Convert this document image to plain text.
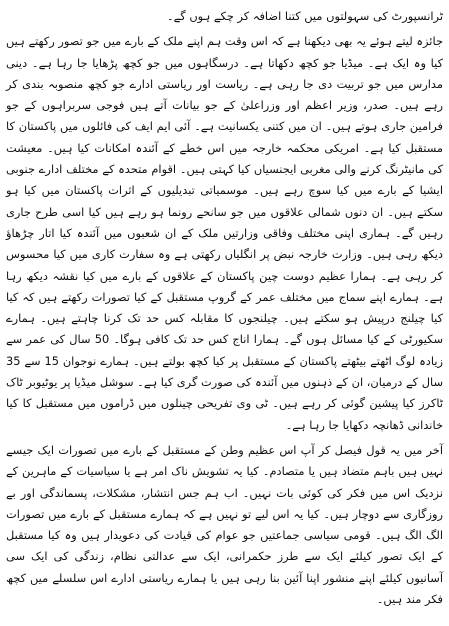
ٹرانسپورٹ کی سہولتوں میں کتنا اضافہ کر چکے ہوں گے۔

جائزہ لیتے ہوئے یہ بھی دیکھنا ہے کہ اس وقت ہم اپنے ملک کے بارے میں جو تصور رکھتے ہیں کیا وہ ایک ہے۔ میڈیا جو کچھ دکھاتا ہے۔ درسگاہوں میں جو کچھ پڑھایا جا رہا ہے۔ دینی مدارس میں جو تربیت دی جا رہی ہے۔ ریاست اور ریاستی ادارے جو کچھ منصوبہ بندی کر رہے ہیں۔ صدر، وزیر اعظم اور وزراعلیٰ کے جو بیانات آتے ہیں فوجی سربراہوں کے جو فرامین جاری ہوتے ہیں۔ ان میں کتنی یکسانیت ہے۔ آئی ایم ایف کی فائلوں میں پاکستان کا مستقبل کیا ہے۔ امریکی محکمہ خارجہ میں اس خطے کے آئندہ امکانات کیا ہیں۔ معیشت کی مانیٹرنگ کرنے والی مغربی ایجنسیاں کیا کہتی ہیں۔ اقوام متحدہ کے مختلف ادارے جنوبی ایشیا کے بارے میں کیا سوچ رہے ہیں۔ موسمیاتی تبدیلیوں کے اثرات پاکستان میں کیا ہو سکتے ہیں۔ ان دنوں شمالی علاقوں میں جو سانحے رونما ہو رہے ہیں کیا اسی طرح جاری رہیں گے۔ ہماری اپنی مختلف وفاقی وزارتیں ملک کے ان شعبوں میں آئندہ کیا اتار چڑھاؤ دیکھ رہی ہیں۔ وزارت خارجہ نبض پر انگلیاں رکھتی ہے وہ سفارت کاری میں کیا محسوس کر رہی ہے۔ ہمارا عظیم دوست چین پاکستان کے علاقوں کے بارے میں کیا نقشہ دیکھ رہا ہے۔ ہمارے اپنے سماج میں مختلف عمر کے گروپ مستقبل کے کیا تصورات رکھتے ہیں کہ کیا کیا چیلنج درپیش ہو سکتے ہیں۔ چیلنجوں کا مقابلہ کس حد تک کرنا چاہتے ہیں۔ ہمارے سکیورٹی کے کیا مسائل ہوں گے۔ ہمارا اناج کس حد تک کافی ہوگا۔ 50 سال کی عمر سے زیادہ لوگ اٹھتے بیٹھتے پاکستان کے مستقبل پر کیا کچھ بولتے ہیں۔ ہمارے نوجوان 15 سے 35 سال کے درمیان، ان کے ذہنوں میں آئندہ کی صورت گری کیا ہے۔ سوشل میڈیا پر یوٹیوبر ٹاک ٹاکرز کیا پیشین گوئی کر رہے ہیں۔ ٹی وی تفریحی چینلوں میں ڈراموں میں مستقبل کا کیا خاندانی ڈھانچہ دکھایا جا رہا ہے۔

آخر میں یہ قول فیصل کر آپ اس عظیم وطن کے مستقبل کے بارے میں تصورات ایک جیسے نہیں ہیں باہم متضاد ہیں یا متصادم۔ کیا یہ تشویش ناک امر ہے یا سیاسیات کے ماہرین کے نزدیک اس میں فکر کی کوئی بات نہیں۔ اب ہم جس انتشار، مشکلات، پسماندگی اور بے روزگاری سے دوچار ہیں۔ کیا یہ اس لیے تو نہیں ہے کہ ہمارے مستقبل کے بارے میں تصورات الگ الگ ہیں۔ قومی سیاسی جماعتیں جو عوام کی قیادت کی دعویدار ہیں وہ کیا مستقبل کے ایک تصور کیلئے ایک سے طرز حکمرانی، ایک سے عدالتی نظام، زندگی کی ایک سی آسانیوں کیلئے اپنے منشور اپنا آئین بنا رہی ہیں یا ہمارے ریاستی ادارے اس سلسلے میں کچھ فکر مند ہیں۔
